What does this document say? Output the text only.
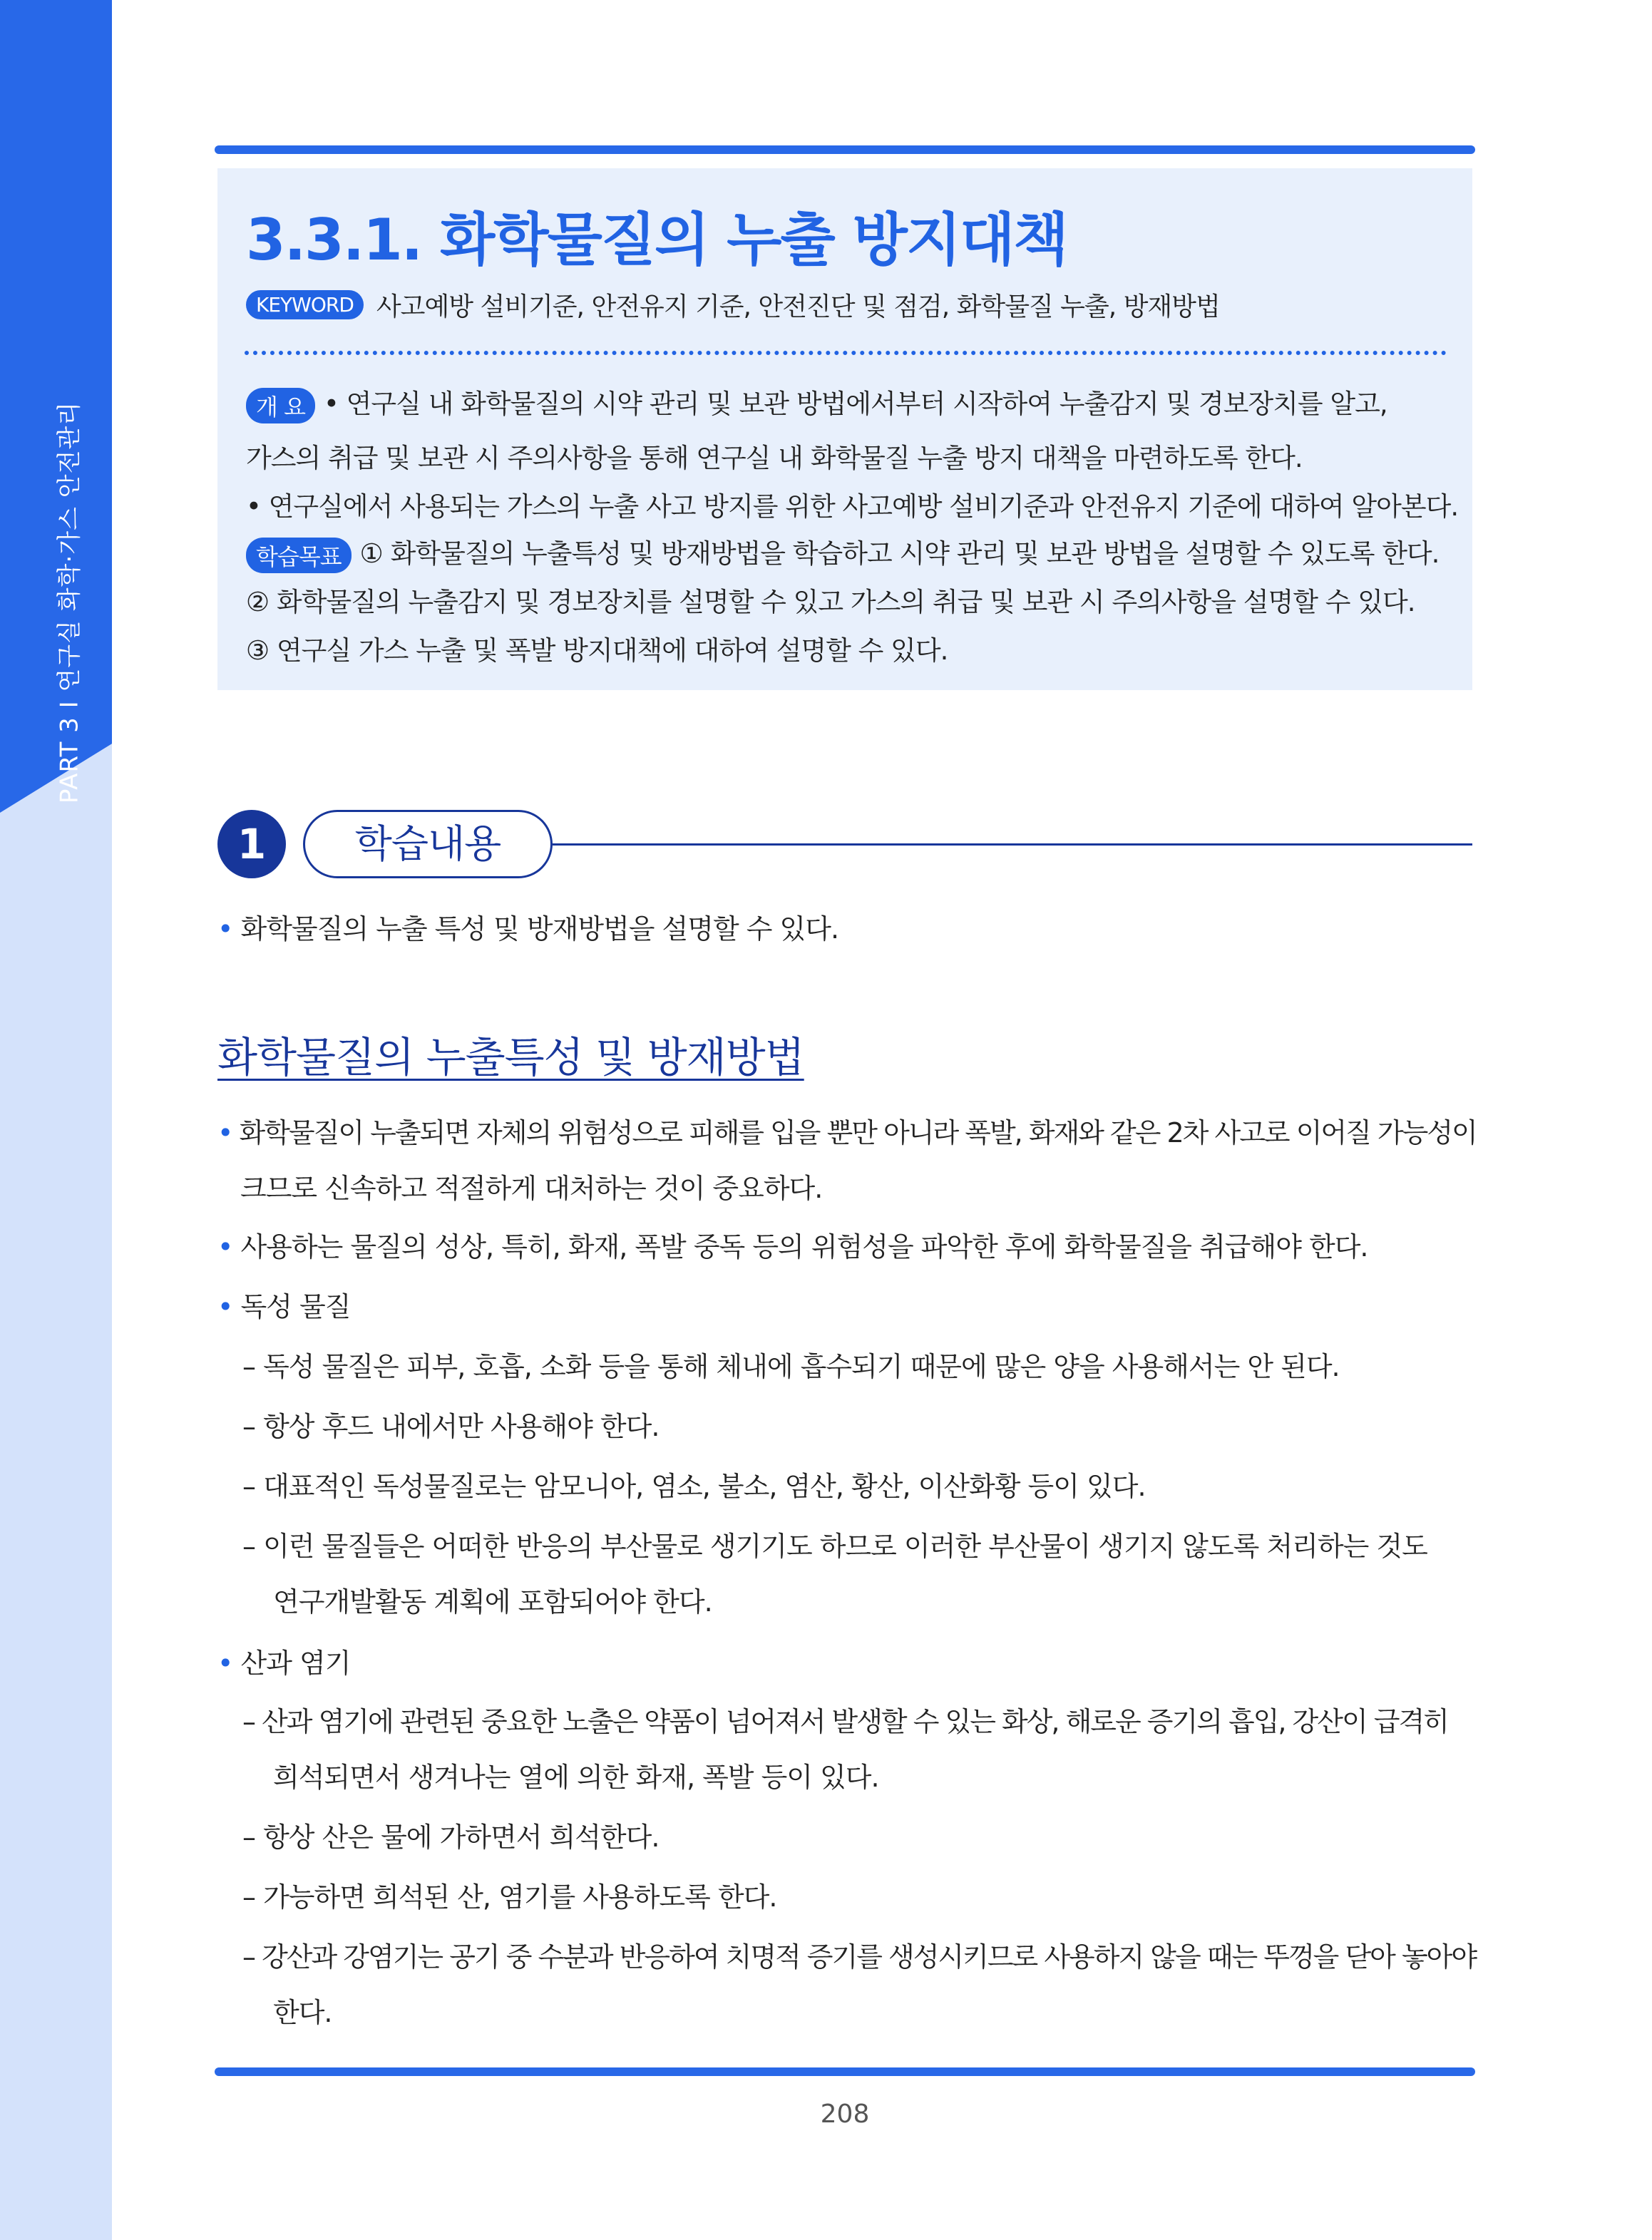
PART 3 Ⅰ 연구실 화학·가스 안전관리
3.3.1. 화학물질의 누출 방지대책
KEYWORD 사고예방 설비기준, 안전유지 기준, 안전진단 및 점검, 화학물질 누출, 방재방법
개 요 • 연구실 내 화학물질의 시약 관리 및 보관 방법에서부터 시작하여 누출감지 및 경보장치를 알고,
가스의 취급 및 보관 시 주의사항을 통해 연구실 내 화학물질 누출 방지 대책을 마련하도록 한다.
• 연구실에서 사용되는 가스의 누출 사고 방지를 위한 사고예방 설비기준과 안전유지 기준에 대하여 알아본다.
학습목표 ① 화학물질의 누출특성 및 방재방법을 학습하고 시약 관리 및 보관 방법을 설명할 수 있도록 한다.
② 화학물질의 누출감지 및 경보장치를 설명할 수 있고 가스의 취급 및 보관 시 주의사항을 설명할 수 있다.
③ 연구실 가스 누출 및 폭발 방지대책에 대하여 설명할 수 있다.
1	학습내용
• 화학물질의 누출 특성 및 방재방법을 설명할 수 있다.
화학물질의 누출특성 및 방재방법
• 화학물질이 누출되면 자체의 위험성으로 피해를 입을 뿐만 아니라 폭발, 화재와 같은 2차 사고로 이어질 가능성이
크므로 신속하고 적절하게 대처하는 것이 중요하다.
• 사용하는 물질의 성상, 특히, 화재, 폭발 중독 등의 위험성을 파악한 후에 화학물질을 취급해야 한다.
• 독성 물질
– 독성 물질은 피부, 호흡, 소화 등을 통해 체내에 흡수되기 때문에 많은 양을 사용해서는 안 된다.
– 항상 후드 내에서만 사용해야 한다.
– 대표적인 독성물질로는 암모니아, 염소, 불소, 염산, 황산, 이산화황 등이 있다.
– 이런 물질들은 어떠한 반응의 부산물로 생기기도 하므로 이러한 부산물이 생기지 않도록 처리하는 것도
연구개발활동 계획에 포함되어야 한다.
• 산과 염기
– 산과 염기에 관련된 중요한 노출은 약품이 넘어져서 발생할 수 있는 화상, 해로운 증기의 흡입, 강산이 급격히
희석되면서 생겨나는 열에 의한 화재, 폭발 등이 있다.
– 항상 산은 물에 가하면서 희석한다.
– 가능하면 희석된 산, 염기를 사용하도록 한다.
– 강산과 강염기는 공기 중 수분과 반응하여 치명적 증기를 생성시키므로 사용하지 않을 때는 뚜껑을 닫아 놓아야
한다.
208
